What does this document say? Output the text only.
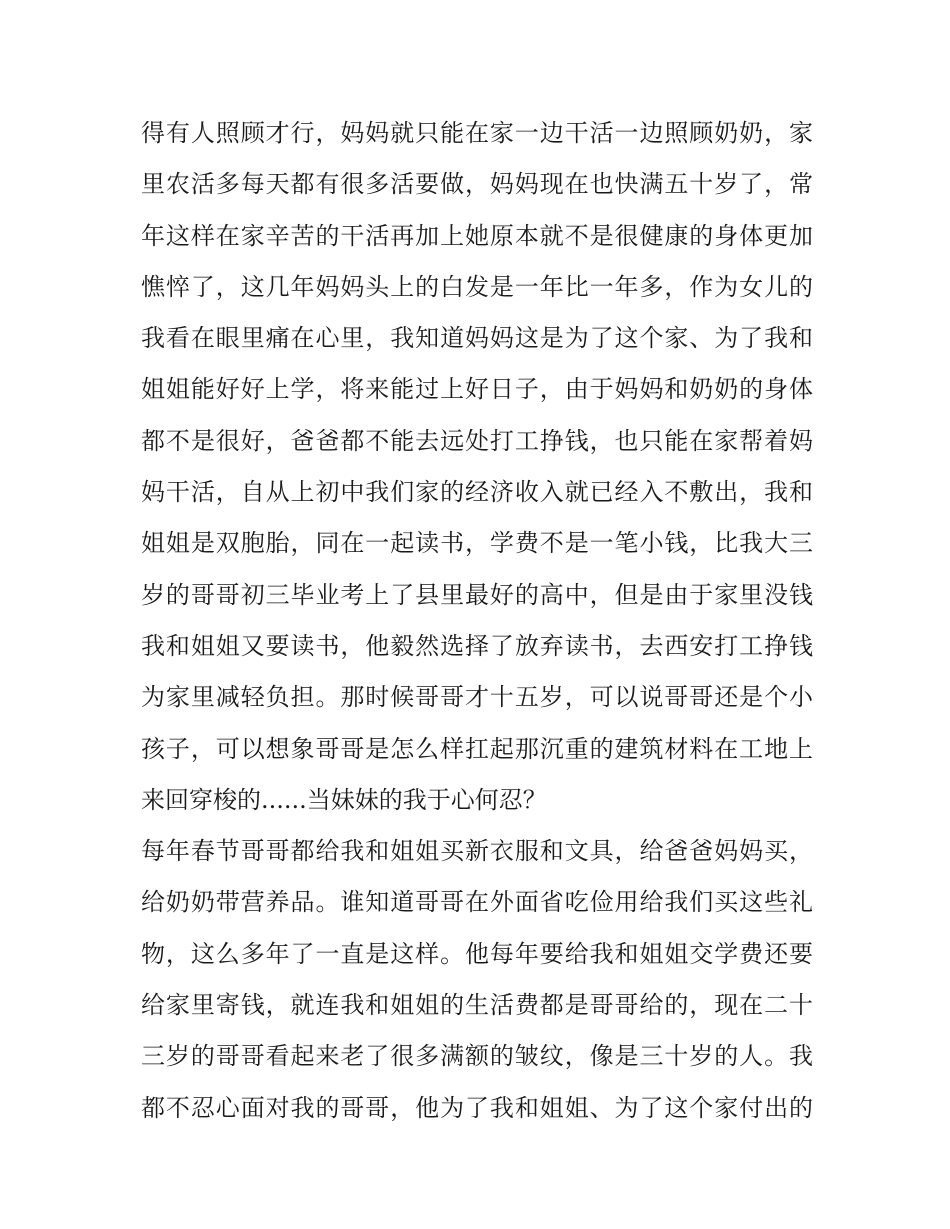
得有人照顾才行，妈妈就只能在家一边干活一边照顾奶奶，家
里农活多每天都有很多活要做，妈妈现在也快满五十岁了，常
年这样在家辛苦的干活再加上她原本就不是很健康的身体更加
憔悴了，这几年妈妈头上的白发是一年比一年多，作为女儿的
我看在眼里痛在心里，我知道妈妈这是为了这个家、为了我和
姐姐能好好上学，将来能过上好日子，由于妈妈和奶奶的身体
都不是很好，爸爸都不能去远处打工挣钱，也只能在家帮着妈
妈干活，自从上初中我们家的经济收入就已经入不敷出，我和
姐姐是双胞胎，同在一起读书，学费不是一笔小钱，比我大三
岁的哥哥初三毕业考上了县里最好的高中，但是由于家里没钱
我和姐姐又要读书，他毅然选择了放弃读书，去西安打工挣钱
为家里减轻负担。那时候哥哥才十五岁，可以说哥哥还是个小
孩子，可以想象哥哥是怎么样扛起那沉重的建筑材料在工地上
来回穿梭的......当妹妹的我于心何忍？
每年春节哥哥都给我和姐姐买新衣服和文具，给爸爸妈妈买，
给奶奶带营养品。谁知道哥哥在外面省吃俭用给我们买这些礼
物，这么多年了一直是这样。他每年要给我和姐姐交学费还要
给家里寄钱，就连我和姐姐的生活费都是哥哥给的，现在二十
三岁的哥哥看起来老了很多满额的皱纹，像是三十岁的人。我
都不忍心面对我的哥哥，他为了我和姐姐、为了这个家付出的
